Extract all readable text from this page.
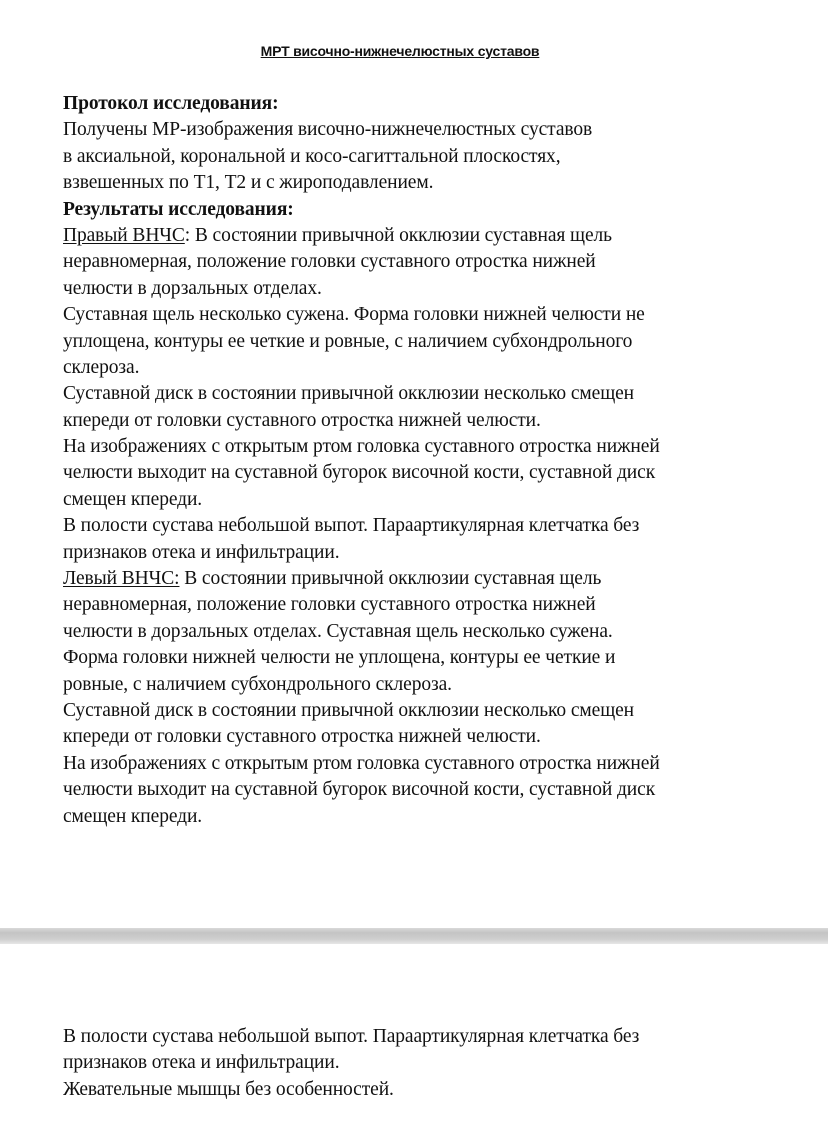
МРТ височно-нижнечелюстных суставов
Протокол исследования:
Получены МР-изображения височно-нижнечелюстных суставов
в аксиальной, корональной и косо-сагиттальной плоскостях,
взвешенных по Т1, Т2 и с жироподавлением.
Результаты исследования:
Правый ВНЧС: В состоянии привычной окклюзии суставная щель
неравномерная, положение головки суставного отростка нижней
челюсти в дорзальных отделах.
Суставная щель несколько сужена. Форма головки нижней челюсти не
уплощена, контуры ее четкие и ровные, с наличием субхондрольного
склероза.
Суставной диск в состоянии привычной окклюзии несколько смещен
кпереди от головки суставного отростка нижней челюсти.
На изображениях с открытым ртом головка суставного отростка нижней
челюсти выходит на суставной бугорок височной кости, суставной диск
смещен кпереди.
В полости сустава небольшой выпот. Параартикулярная клетчатка без
признаков отека и инфильтрации.
Левый ВНЧС: В состоянии привычной окклюзии суставная щель
неравномерная, положение головки суставного отростка нижней
челюсти в дорзальных отделах. Суставная щель несколько сужена.
Форма головки нижней челюсти не уплощена, контуры ее четкие и
ровные, с наличием субхондрольного склероза.
Суставной диск в состоянии привычной окклюзии несколько смещен
кпереди от головки суставного отростка нижней челюсти.
На изображениях с открытым ртом головка суставного отростка нижней
челюсти выходит на суставной бугорок височной кости, суставной диск
смещен кпереди.
В полости сустава небольшой выпот. Параартикулярная клетчатка без
признаков отека и инфильтрации.
Жевательные мышцы без особенностей.
